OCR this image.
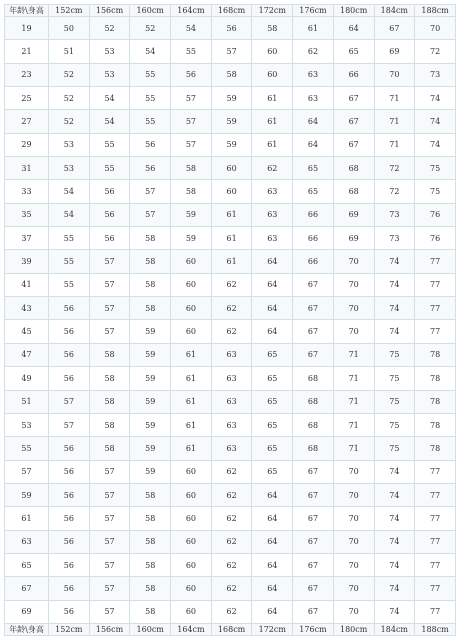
年龄\身高	152cm	156cm	160cm	164cm	168cm	172cm	176cm	180cm	184cm	188cm
19	50	52	52	54	56	58	61	64	67	70
21	51	53	54	55	57	60	62	65	69	72
23	52	53	55	56	58	60	63	66	70	73
25	52	54	55	57	59	61	63	67	71	74
27	52	54	55	57	59	61	64	67	71	74
29	53	55	56	57	59	61	64	67	71	74
31	53	55	56	58	60	62	65	68	72	75
33	54	56	57	58	60	63	65	68	72	75
35	54	56	57	59	61	63	66	69	73	76
37	55	56	58	59	61	63	66	69	73	76
39	55	57	58	60	61	64	66	70	74	77
41	55	57	58	60	62	64	67	70	74	77
43	56	57	58	60	62	64	67	70	74	77
45	56	57	59	60	62	64	67	70	74	77
47	56	58	59	61	63	65	67	71	75	78
49	56	58	59	61	63	65	68	71	75	78
51	57	58	59	61	63	65	68	71	75	78
53	57	58	59	61	63	65	68	71	75	78
55	56	58	59	61	63	65	68	71	75	78
57	56	57	59	60	62	65	67	70	74	77
59	56	57	58	60	62	64	67	70	74	77
61	56	57	58	60	62	64	67	70	74	77
63	56	57	58	60	62	64	67	70	74	77
65	56	57	58	60	62	64	67	70	74	77
67	56	57	58	60	62	64	67	70	74	77
69	56	57	58	60	62	64	67	70	74	77
年龄\身高	152cm	156cm	160cm	164cm	168cm	172cm	176cm	180cm	184cm	188cm
